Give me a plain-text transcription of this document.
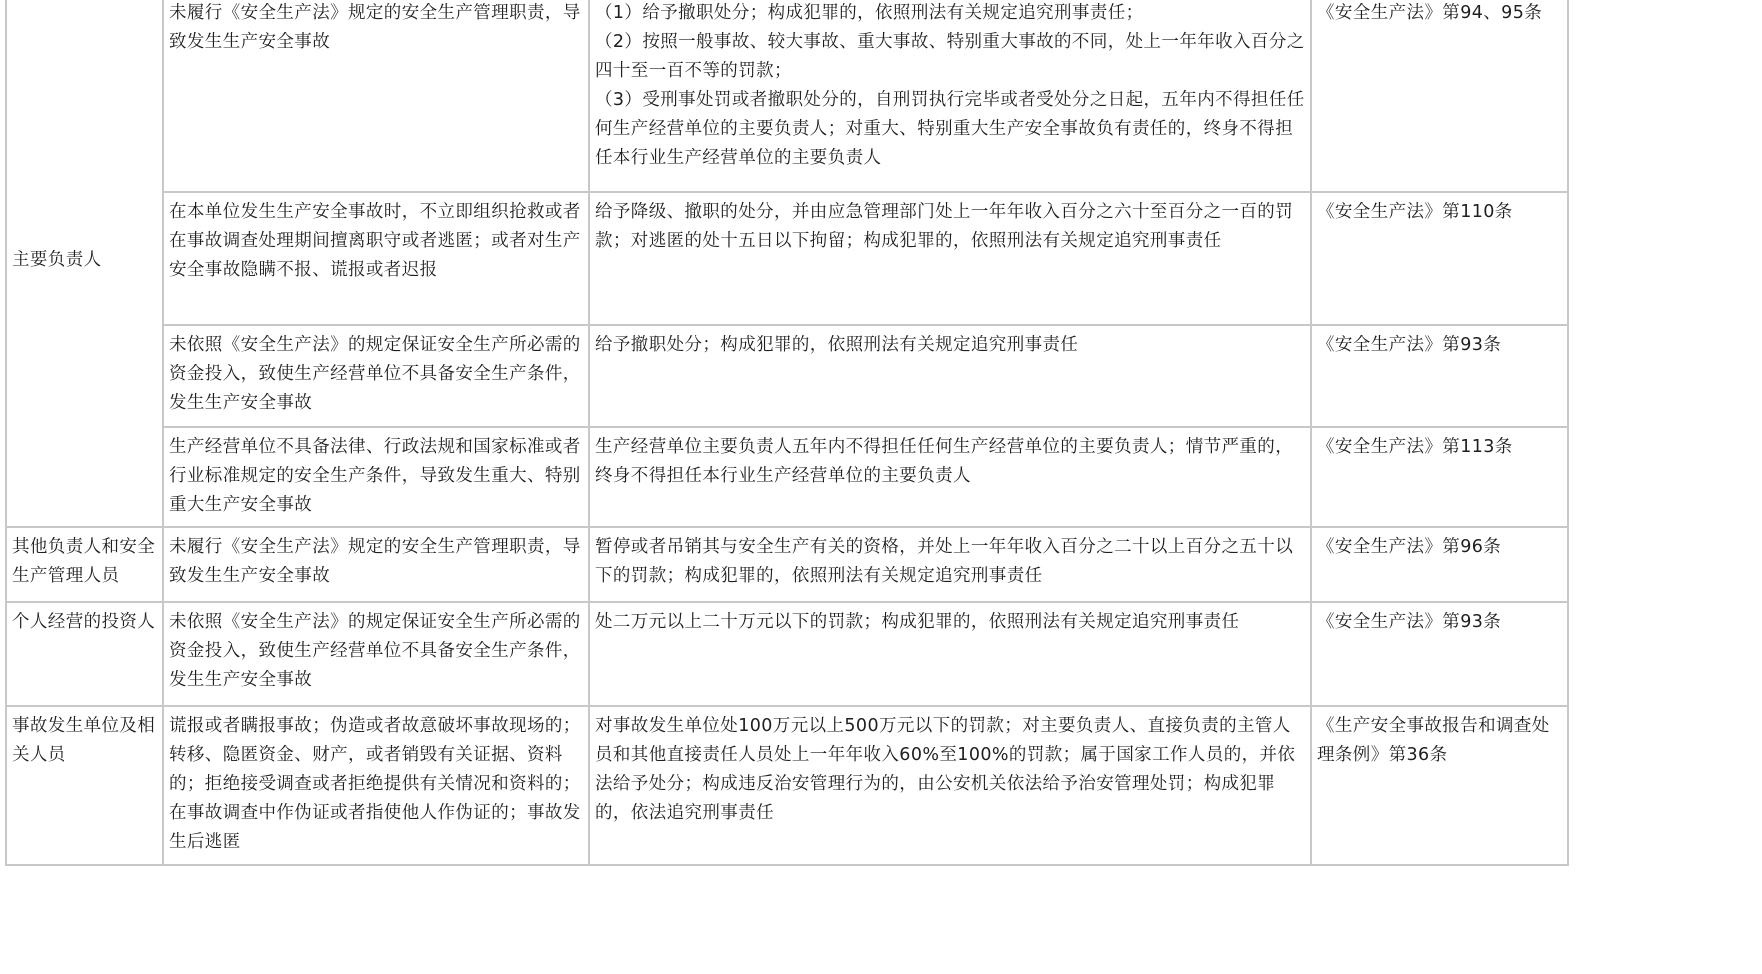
主要负责人	未履行《安全生产法》规定的安全生产管理职责，导致发生生产安全事故	（1）给予撤职处分；构成犯罪的，依照刑法有关规定追究刑事责任；
（2）按照一般事故、较大事故、重大事故、特别重大事故的不同，处上一年年收入百分之四十至一百不等的罚款；
（3）受刑事处罚或者撤职处分的，自刑罚执行完毕或者受处分之日起，五年内不得担任任何生产经营单位的主要负责人；对重大、特别重大生产安全事故负有责任的，终身不得担任本行业生产经营单位的主要负责人	《安全生产法》第94、95条
	在本单位发生生产安全事故时，不立即组织抢救或者在事故调查处理期间擅离职守或者逃匿；或者对生产安全事故隐瞒不报、谎报或者迟报	给予降级、撤职的处分，并由应急管理部门处上一年年收入百分之六十至百分之一百的罚款；对逃匿的处十五日以下拘留；构成犯罪的，依照刑法有关规定追究刑事责任	《安全生产法》第110条
	未依照《安全生产法》的规定保证安全生产所必需的资金投入，致使生产经营单位不具备安全生产条件，发生生产安全事故	给予撤职处分；构成犯罪的，依照刑法有关规定追究刑事责任	《安全生产法》第93条
	生产经营单位不具备法律、行政法规和国家标准或者行业标准规定的安全生产条件，导致发生重大、特别重大生产安全事故	生产经营单位主要负责人五年内不得担任任何生产经营单位的主要负责人；情节严重的，终身不得担任本行业生产经营单位的主要负责人	《安全生产法》第113条
其他负责人和安全生产管理人员	未履行《安全生产法》规定的安全生产管理职责，导致发生生产安全事故	暂停或者吊销其与安全生产有关的资格，并处上一年年收入百分之二十以上百分之五十以下的罚款；构成犯罪的，依照刑法有关规定追究刑事责任	《安全生产法》第96条
个人经营的投资人	未依照《安全生产法》的规定保证安全生产所必需的资金投入，致使生产经营单位不具备安全生产条件，发生生产安全事故	处二万元以上二十万元以下的罚款；构成犯罪的，依照刑法有关规定追究刑事责任	《安全生产法》第93条
事故发生单位及相关人员	谎报或者瞒报事故；伪造或者故意破坏事故现场的；转移、隐匿资金、财产，或者销毁有关证据、资料的；拒绝接受调查或者拒绝提供有关情况和资料的；在事故调查中作伪证或者指使他人作伪证的；事故发生后逃匿	对事故发生单位处100万元以上500万元以下的罚款；对主要负责人、直接负责的主管人员和其他直接责任人员处上一年年收入60%至100%的罚款；属于国家工作人员的，并依法给予处分；构成违反治安管理行为的，由公安机关依法给予治安管理处罚；构成犯罪的，依法追究刑事责任	《生产安全事故报告和调查处理条例》第36条
